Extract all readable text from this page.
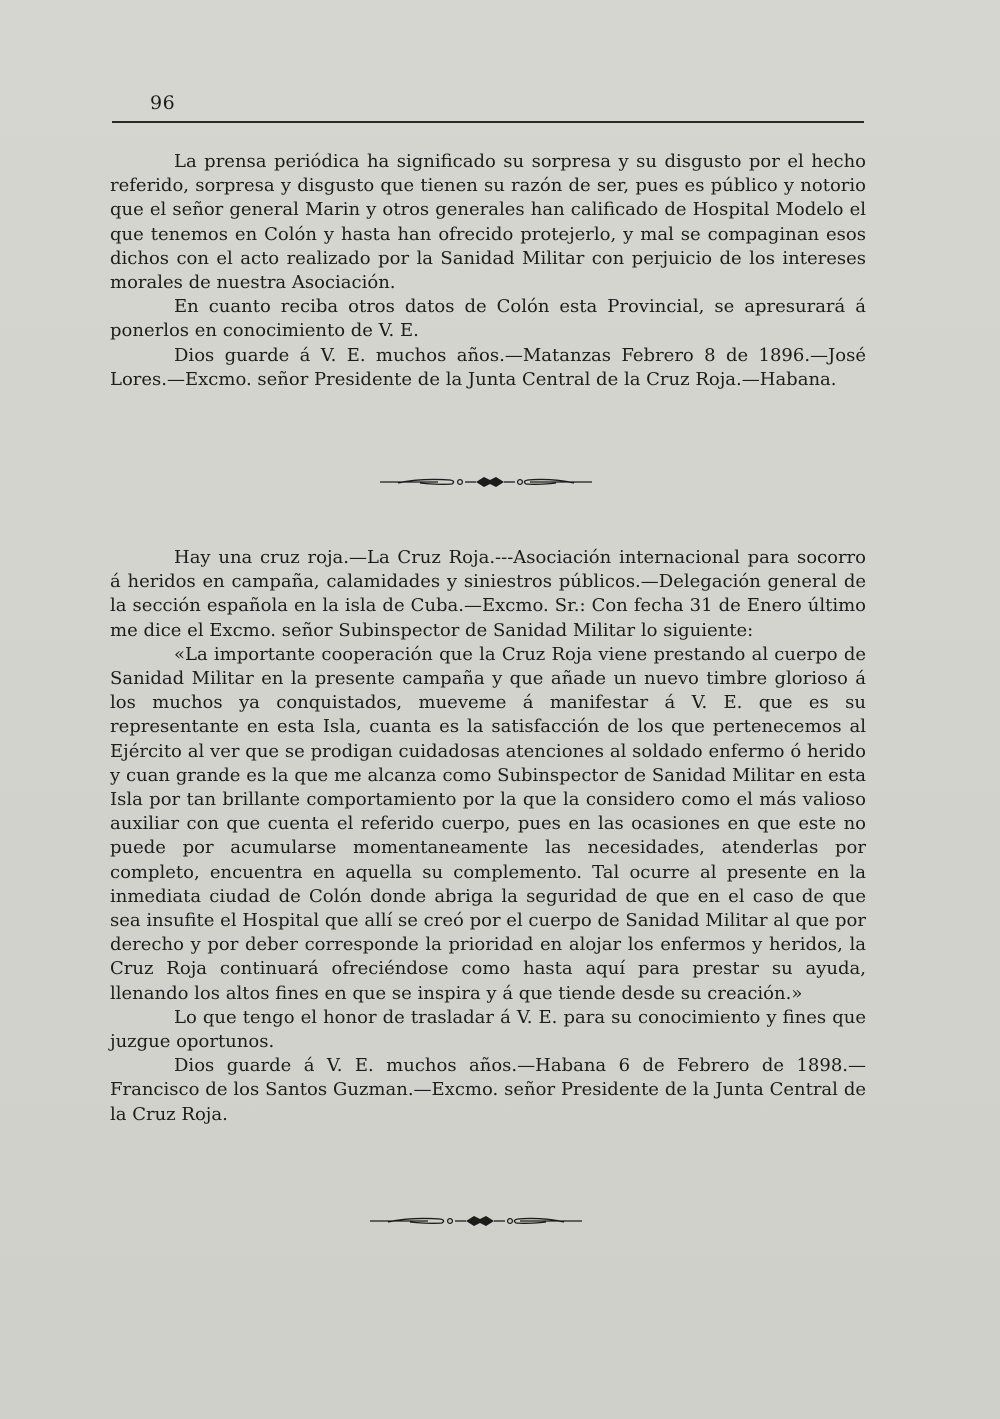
96

La prensa periódica ha significado su sorpresa y su disgusto por el hecho referido, sorpresa y disgusto que tienen su razón de ser, pues es público y notorio que el señor general Marin y otros generales han calificado de Hospital Modelo el que tenemos en Colón y hasta han ofrecido protejerlo, y mal se compaginan esos dichos con el acto realizado por la Sanidad Militar con perjuicio de los intereses morales de nuestra Asociación.

En cuanto reciba otros datos de Colón esta Provincial, se apresurará á ponerlos en conocimiento de V. E.

Dios guarde á V. E. muchos años.—Matanzas Febrero 8 de 1896.—José Lores.—Excmo. señor Presidente de la Junta Central de la Cruz Roja.—Habana.

Hay una cruz roja.—La Cruz Roja.---Asociación internacional para socorro á heridos en campaña, calamidades y siniestros públicos.—Delegación general de la sección española en la isla de Cuba.—Excmo. Sr.: Con fecha 31 de Enero último me dice el Excmo. señor Subinspector de Sanidad Militar lo siguiente:

«La importante cooperación que la Cruz Roja viene prestando al cuerpo de Sanidad Militar en la presente campaña y que añade un nuevo timbre glorioso á los muchos ya conquistados, mueveme á manifestar á V. E. que es su representante en esta Isla, cuanta es la satisfacción de los que pertenecemos al Ejército al ver que se prodigan cuidadosas atenciones al soldado enfermo ó herido y cuan grande es la que me alcanza como Subinspector de Sanidad Militar en esta Isla por tan brillante comportamiento por la que la considero como el más valioso auxiliar con que cuenta el referido cuerpo, pues en las ocasiones en que este no puede por acumularse momentaneamente las necesidades, atenderlas por completo, encuentra en aquella su complemento. Tal ocurre al presente en la inmediata ciudad de Colón donde abriga la seguridad de que en el caso de que sea insufite el Hospital que allí se creó por el cuerpo de Sanidad Militar al que por derecho y por deber corresponde la prioridad en alojar los enfermos y heridos, la Cruz Roja continuará ofreciéndose como hasta aquí para prestar su ayuda, llenando los altos fines en que se inspira y á que tiende desde su creación.»

Lo que tengo el honor de trasladar á V. E. para su conocimiento y fines que juzgue oportunos.

Dios guarde á V. E. muchos años.—Habana 6 de Febrero de 1898.— Francisco de los Santos Guzman.—Excmo. señor Presidente de la Junta Central de la Cruz Roja.
